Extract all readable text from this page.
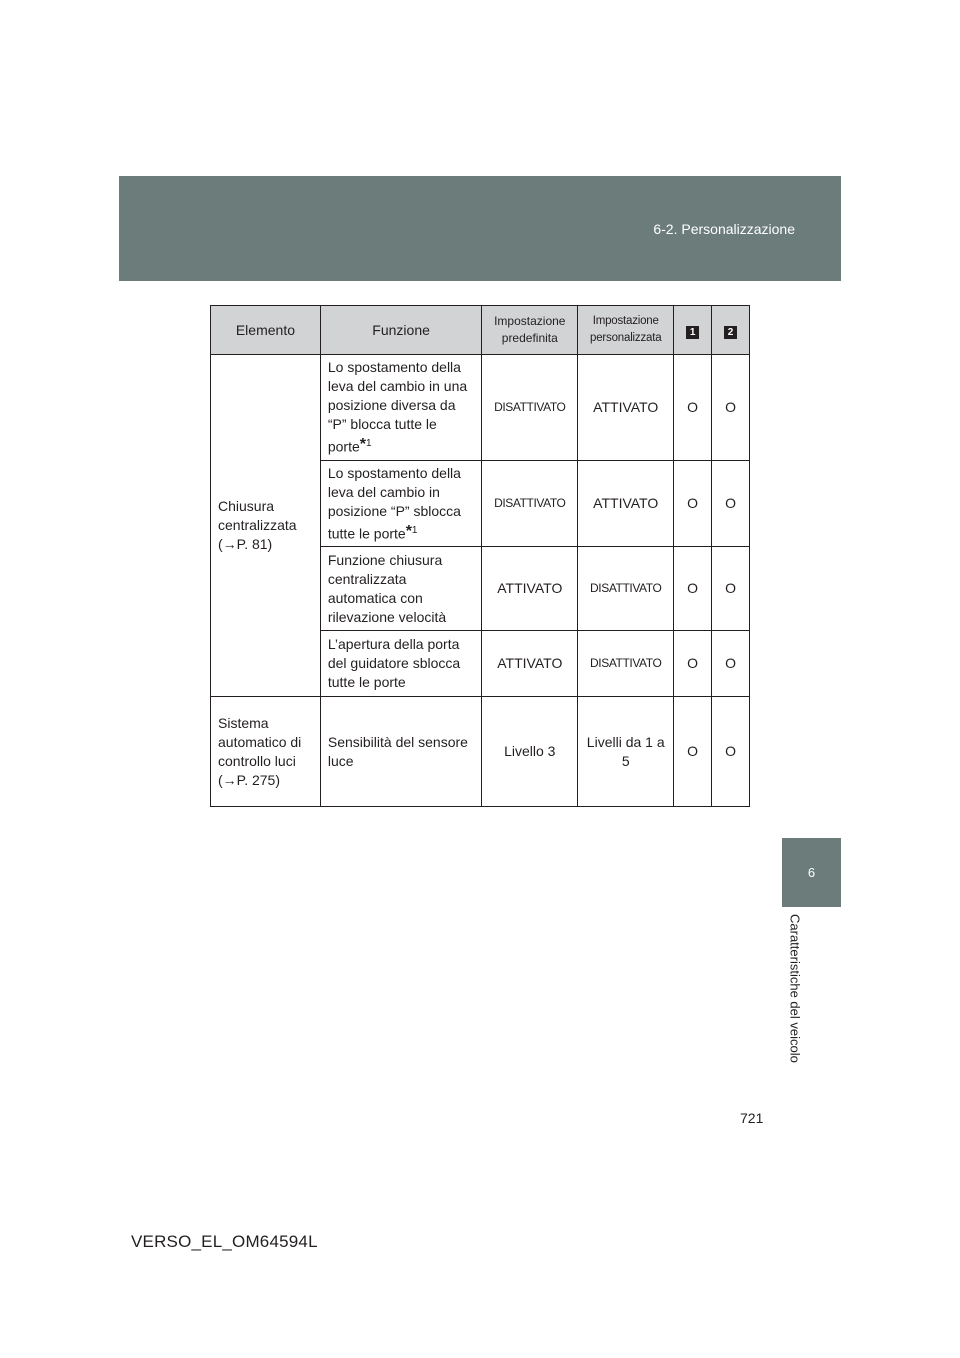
6-2. Personalizzazione
6
Caratteristiche del veicolo
Elemento	Funzione	Impostazione predefinita	Impostazione personalizzata	1	2
Chiusura centralizzata (→P. 81)	Lo spostamento della leva del cambio in una posizione diversa da “P” blocca tutte le porte$^{*1}$	DISATTIVATO	ATTIVATO	O	O
	Lo spostamento della leva del cambio in posizione “P” sblocca tutte le porte$^{*1}$	DISATTIVATO	ATTIVATO	O	O
	Funzione chiusura centralizzata automatica con rilevazione velocità	ATTIVATO	DISATTIVATO	O	O
	L’apertura della porta del guidatore sblocca tutte le porte	ATTIVATO	DISATTIVATO	O	O
Sistema automatico di controllo luci (→P. 275)	Sensibilità del sensore luce	Livello 3	Livelli da 1 a 5	O	O
721
VERSO_EL_OM64594L
